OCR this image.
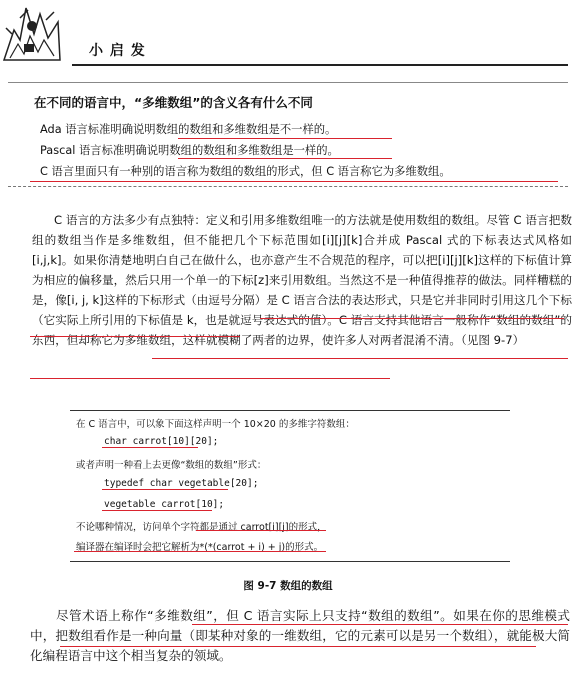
小 启 发
在不同的语言中，“多维数组”的含义各有什么不同
Ada 语言标准明确说明数组的数组和多维数组是不一样的。
Pascal 语言标准明确说明数组的数组和多维数组是一样的。
C 语言里面只有一种别的语言称为数组的数组的形式，但 C 语言称它为多维数组。
C 语言的方法多少有点独特：定义和引用多维数组唯一的方法就是使用数组的数组。尽管 C 语言把数组的数组当作是多维数组，但不能把几个下标范围如[i][j][k]合并成 Pascal 式的下标表达式风格如[i,j,k]。如果你清楚地明白自己在做什么，也亦意产生不合规范的程序，可以把[i][j][k]这样的下标值计算为相应的偏移量，然后只用一个单一的下标[z]来引用数组。当然这不是一种值得推荐的做法。同样糟糕的是，像[i, j, k]这样的下标形式（由逗号分隔）是 C 语言合法的表达形式，只是它并非同时引用这几个下标（它实际上所引用的下标值是 k，也是就逗号表达式的值）。C 语言支持其他语言一般称作“数组的数组”的东西，但却称它为多维数组，这样就模糊了两者的边界，使许多人对两者混淆不清。（见图 9-7）
在 C 语言中，可以象下面这样声明一个 10×20 的多维字符数组：
char carrot[10][20];
或者声明一种看上去更像“数组的数组”形式：
typedef char vegetable[20];
vegetable carrot[10];
不论哪种情况，访问单个字符都是通过 carrot[i][j]的形式，
编译器在编译时会把它解析为*(*(carrot + i) + j)的形式。
图 9-7 数组的数组
尽管术语上称作“多维数组”，但 C 语言实际上只支持“数组的数组”。如果在你的思维模式中，把数组看作是一种向量（即某种对象的一维数组，它的元素可以是另一个数组），就能极大简化编程语言中这个相当复杂的领域。
